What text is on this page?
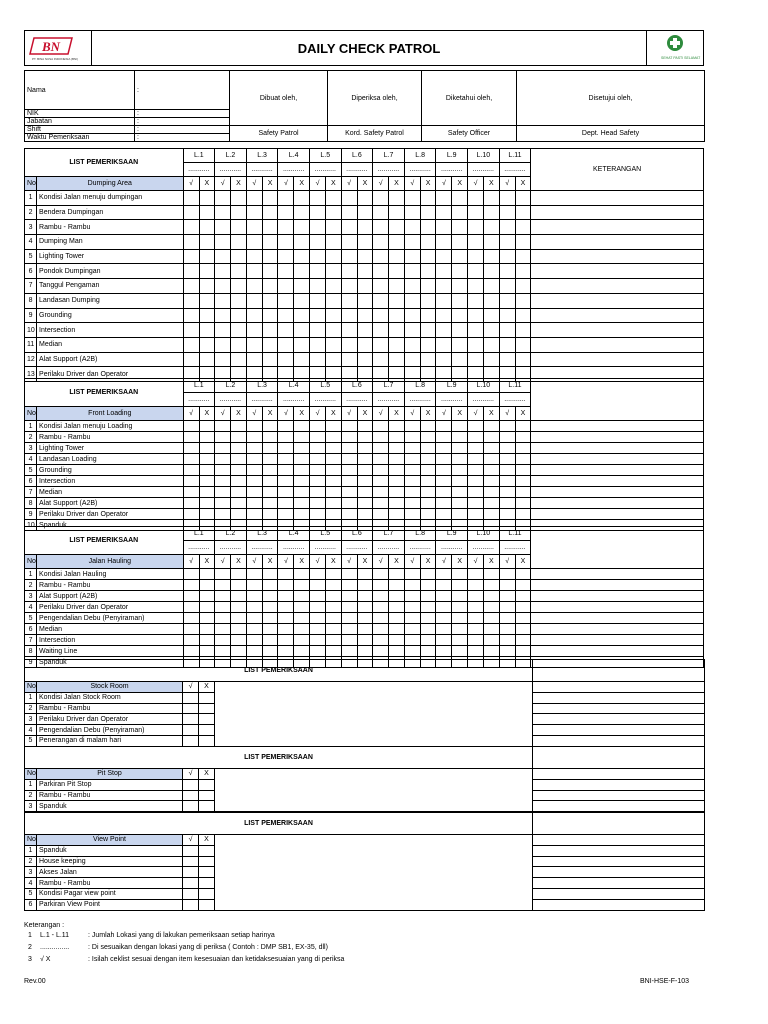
BN
PT. BINA NUSA INDONESIA (BNI)
DAILY CHECK PATROL
SEHAT PASTI SELAMAT
Nama	:	Dibuat oleh,	Diperiksa oleh,	Diketahui oleh,	Disetujui oleh,
NIK	:				
Jabatan	:				
Shift	:	Safety Patrol	Kord. Safety Patrol	Safety Officer	Dept. Head Safety
Waktu Pemeriksaan	:				
LIST PEMERIKSAAN		L.1		L.2		L.3		L.4		L.5		L.6		L.7		L.8		L.9		L.10		L.11		KETERANGAN
		...........		...........		...........		...........		...........		...........		...........		...........		...........		...........		...........		
No	Dumping Area	√	X	√	X	√	X	√	X	√	X	√	X	√	X	√	X	√	X	√	X	√	X	
1	Kondisi Jalan menuju dumpingan																							
2	Bendera Dumpingan																							
3	Rambu - Rambu																							
4	Dumping Man																							
5	Lighting Tower																							
6	Pondok Dumpingan																							
7	Tanggul Pengaman																							
8	Landasan Dumping																							
9	Grounding																							
10	Intersection																							
11	Median																							
12	Alat Support (A2B)																							
13	Perilaku Driver dan Operator																							
LIST PEMERIKSAAN		L.1		L.2		L.3		L.4		L.5		L.6		L.7		L.8		L.9		L.10		L.11		
		...........		...........		...........		...........		...........		...........		...........		...........		...........		...........		...........		
No	Front Loading	√	X	√	X	√	X	√	X	√	X	√	X	√	X	√	X	√	X	√	X	√	X	
1	Kondisi Jalan menuju Loading																							
2	Rambu - Rambu																							
3	Lighting Tower																							
4	Landasan Loading																							
5	Grounding																							
6	Intersection																							
7	Median																							
8	Alat Support (A2B)																							
9	Perilaku Driver dan Operator																							
10	Spanduk																							
LIST PEMERIKSAAN		L.1		L.2		L.3		L.4		L.5		L.6		L.7		L.8		L.9		L.10		L.11		
		...........		...........		...........		...........		...........		...........		...........		...........		...........		...........		...........		
No	Jalan Hauling	√	X	√	X	√	X	√	X	√	X	√	X	√	X	√	X	√	X	√	X	√	X	
1	Kondisi Jalan Hauling																							
2	Rambu - Rambu																							
3	Alat Support (A2B)																							
4	Perilaku Driver dan Operator																							
5	Pengendalian Debu (Penyiraman)																							
6	Median																							
7	Intersection																							
8	Waiting Line																							
9	Spanduk																							
LIST PEMERIKSAAN					
No	Stock Room	√	X		
1	Kondisi Jalan Stock Room				
2	Rambu - Rambu				
3	Perilaku Driver dan Operator				
4	Pengendalian Debu (Penyiraman)				
5	Penerangan di malam hari				
LIST PEMERIKSAAN					
No	Pit Stop	√	X		
1	Parkiran Pit Stop				
2	Rambu - Rambu				
3	Spanduk				
LIST PEMERIKSAAN					
No	View Point	√	X		
1	Spanduk				
2	House keeping				
3	Akses Jalan				
4	Rambu - Rambu				
5	Kondisi Pagar view point				
6	Parkiran View Point				
Keterangan :
1 L.1 - L.11	: Jumlah Lokasi yang di lakukan pemeriksaan setiap harinya
2 ...............	: Di sesuaikan dengan lokasi yang di periksa ( Contoh : DMP SB1, EX-35, dll)
3 √ X	: Isilah ceklist sesuai dengan item kesesuaian dan ketidaksesuaian yang di periksa
Rev.00	BNI-HSE-F-103
